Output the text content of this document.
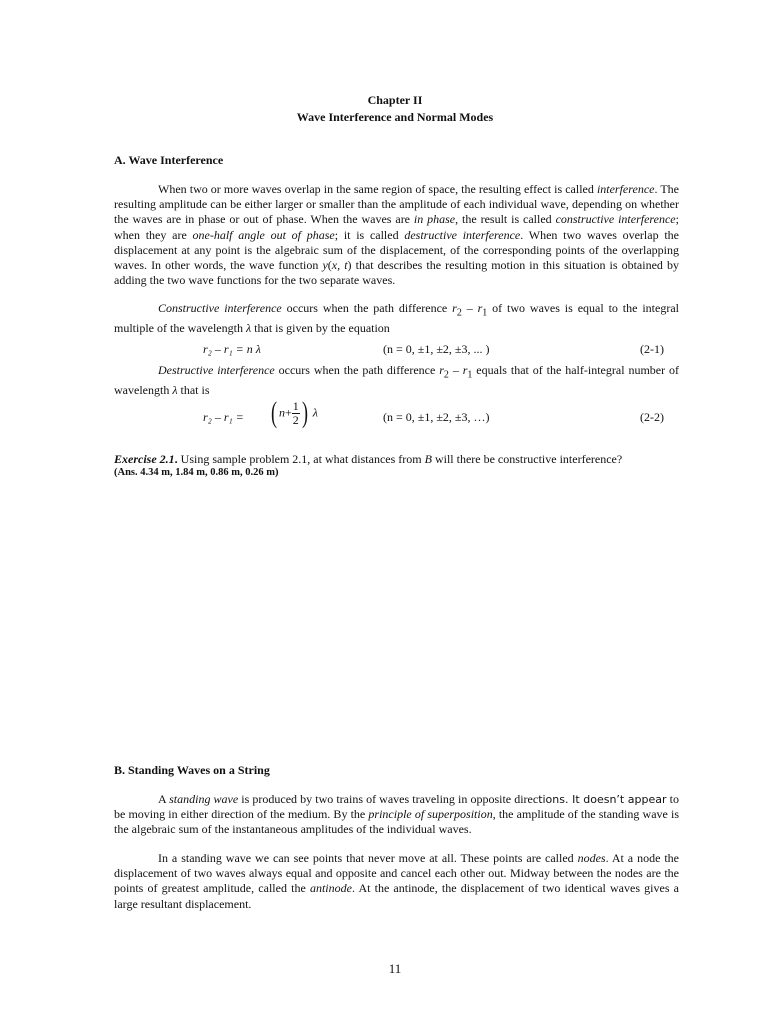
Chapter II
Wave Interference and Normal Modes
A. Wave Interference

When two or more waves overlap in the same region of space, the resulting effect is called interference. The resulting amplitude can be either larger or smaller than the amplitude of each individual wave, depending on whether the waves are in phase or out of phase. When the waves are in phase, the result is called constructive interference; when they are one-half angle out of phase; it is called destructive interference. When two waves overlap the displacement at any point is the algebraic sum of the displacement, of the corresponding points of the overlapping waves. In other words, the wave function y(x, t) that describes the resulting motion in this situation is obtained by adding the two wave functions for the two separate waves.

Constructive interference occurs when the path difference $r_2 - r_1$ of two waves is equal to the integral multiple of the wavelength λ that is given by the equation

r₂ – r₁ = n λ	(n = 0, ±1, ±2, ±3, ... )	(2-1)

Destructive interference occurs when the path difference $r_2 - r_1$ equals that of the half-integral number of wavelength λ that is

r₂ – r₁ = ( $n+ \frac{1}{2}$ ) λ	(n = 0, ±1, ±2, ±3, …)	(2-2)
Exercise 2.1. Using sample problem 2.1, at what distances from B will there be constructive interference?
(Ans. 4.34 m, 1.84 m, 0.86 m, 0.26 m)
B. Standing Waves on a String

A standing wave is produced by two trains of waves traveling in opposite directions. It doesn’t appear to be moving in either direction of the medium. By the principle of superposition, the amplitude of the standing wave is the algebraic sum of the instantaneous amplitudes of the individual waves.

In a standing wave we can see points that never move at all. These points are called nodes. At a node the displacement of two waves always equal and opposite and cancel each other out. Midway between the nodes are the points of greatest amplitude, called the antinode. At the antinode, the displacement of two identical waves gives a large resultant displacement.

11
